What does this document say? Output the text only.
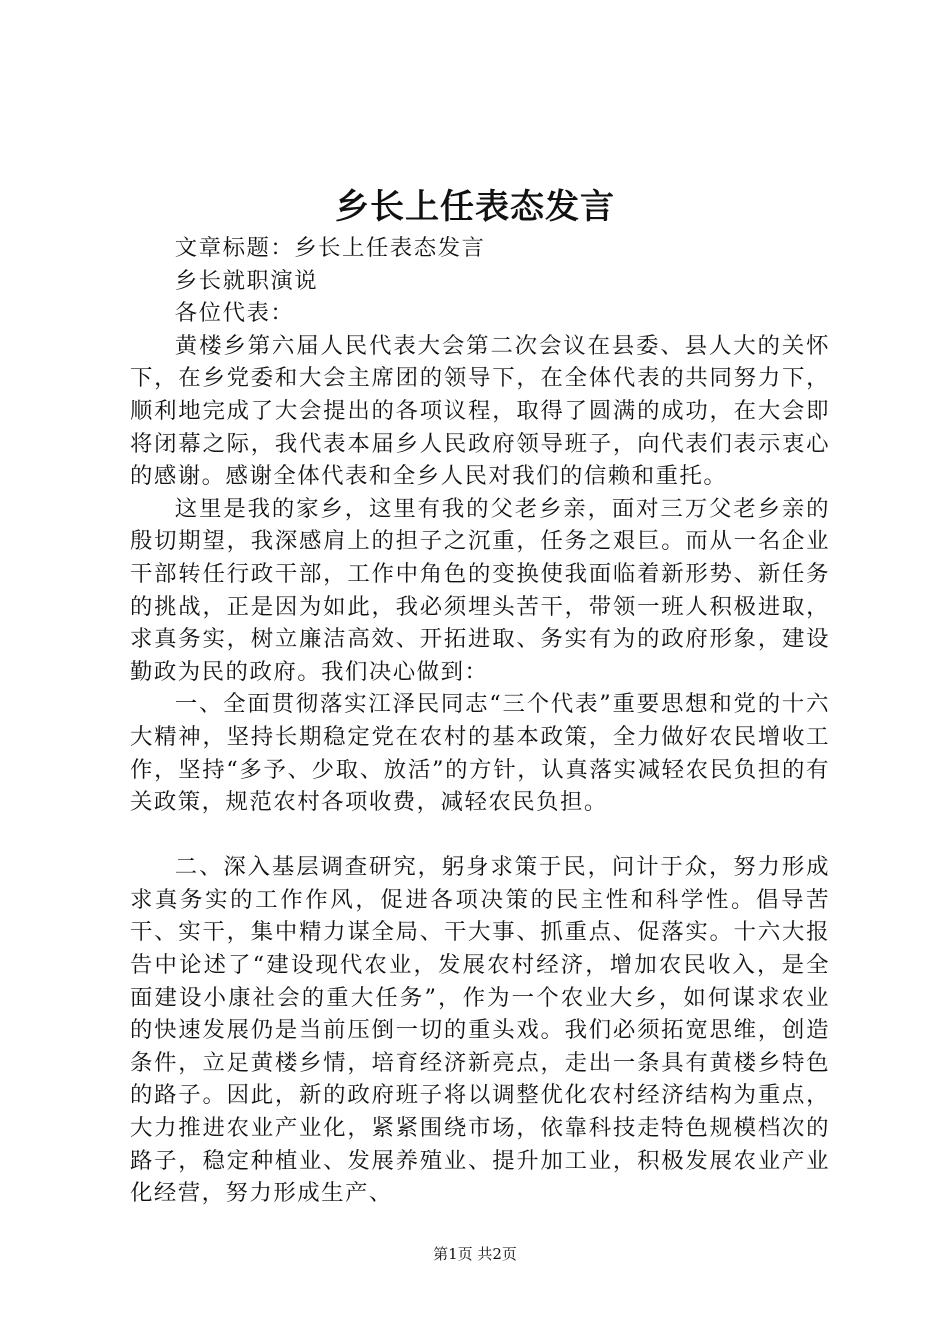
乡长上任表态发言

文章标题：乡长上任表态发言

乡长就职演说

各位代表：

黄楼乡第六届人民代表大会第二次会议在县委、县人大的关怀下，在乡党委和大会主席团的领导下，在全体代表的共同努力下，顺利地完成了大会提出的各项议程，取得了圆满的成功，在大会即将闭幕之际，我代表本届乡人民政府领导班子，向代表们表示衷心的感谢。感谢全体代表和全乡人民对我们的信赖和重托。

这里是我的家乡，这里有我的父老乡亲，面对三万父老乡亲的殷切期望，我深感肩上的担子之沉重，任务之艰巨。而从一名企业干部转任行政干部，工作中角色的变换使我面临着新形势、新任务的挑战，正是因为如此，我必须埋头苦干，带领一班人积极进取，求真务实，树立廉洁高效、开拓进取、务实有为的政府形象，建设勤政为民的政府。我们决心做到：

一、全面贯彻落实江泽民同志“三个代表”重要思想和党的十六大精神，坚持长期稳定党在农村的基本政策，全力做好农民增收工作，坚持“多予、少取、放活”的方针，认真落实减轻农民负担的有关政策，规范农村各项收费，减轻农民负担。

二、深入基层调查研究，躬身求策于民，问计于众，努力形成求真务实的工作作风，促进各项决策的民主性和科学性。倡导苦干、实干，集中精力谋全局、干大事、抓重点、促落实。十六大报告中论述了“建设现代农业，发展农村经济，增加农民收入，是全面建设小康社会的重大任务”，作为一个农业大乡，如何谋求农业的快速发展仍是当前压倒一切的重头戏。我们必须拓宽思维，创造条件，立足黄楼乡情，培育经济新亮点，走出一条具有黄楼乡特色的路子。因此，新的政府班子将以调整优化农村经济结构为重点，大力推进农业产业化，紧紧围绕市场，依靠科技走特色规模档次的路子，稳定种植业、发展养殖业、提升加工业，积极发展农业产业化经营，努力形成生产、

第1页 共2页
